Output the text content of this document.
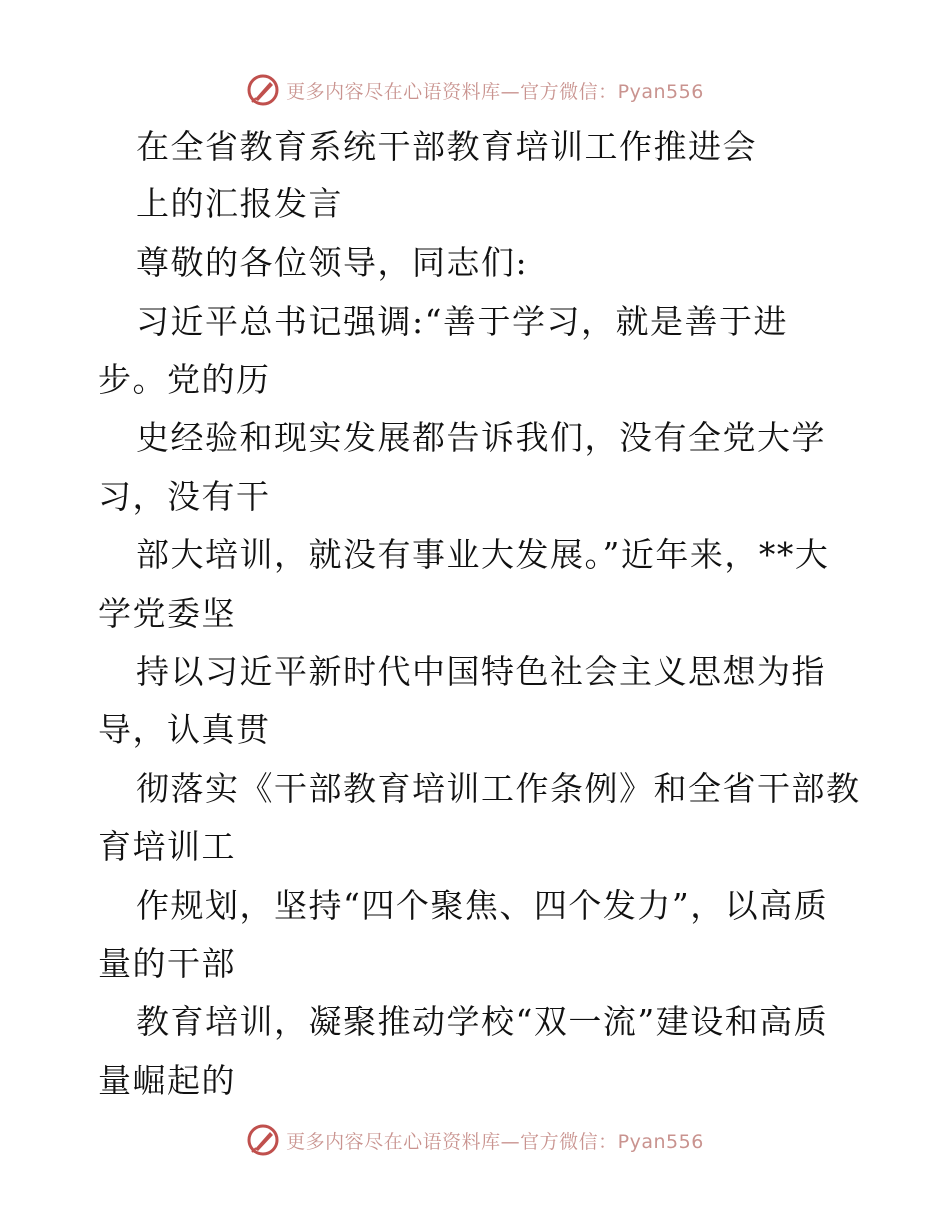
更多内容尽在心语资料库—官方微信：Pyan556
在全省教育系统干部教育培训工作推进会
上的汇报发言
尊敬的各位领导，同志们:
习近平总书记强调:“善于学习，就是善于进
步。党的历
史经验和现实发展都告诉我们，没有全党大学
习，没有干
部大培训，就没有事业大发展。”近年来，**大
学党委坚
持以习近平新时代中国特色社会主义思想为指
导，认真贯
彻落实《干部教育培训工作条例》和全省干部教
育培训工
作规划，坚持“四个聚焦、四个发力”，以高质
量的干部
教育培训，凝聚推动学校“双一流”建设和高质
量崛起的
更多内容尽在心语资料库—官方微信：Pyan556
